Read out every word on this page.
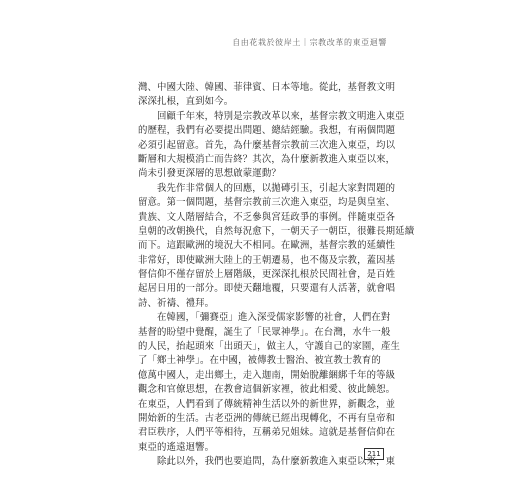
自由花栽於彼岸土｜宗教改革的東亞迴響
灣、中國大陸、韓國、菲律賓、日本等地。從此，基督教文明
深深扎根，直到如今。
回顧千年來，特別是宗教改革以來，基督宗教文明進入東亞
的歷程，我們有必要提出問題、總結經驗。我想，有兩個問題
必須引起留意。首先，為什麼基督宗教前三次進入東亞，均以
斷層和大規模消亡而告終？其次，為什麼新教進入東亞以來，
尚未引發更深層的思想啟蒙運動？
我先作非常個人的回應，以拋磚引玉，引起大家對問題的
留意。第一個問題，基督宗教前三次進入東亞，均是與皇室、
貴族、文人階層結合，不乏參與宮廷政爭的事例。伴隨東亞各
皇朝的改朝換代，自然每況愈下，一朝天子一朝臣，很難長期延續
而下。這跟歐洲的境況大不相同。在歐洲，基督宗教的延續性
非常好，即使歐洲大陸上的王朝遷易，也不傷及宗教，蓋因基
督信仰不僅存留於上層階級，更深深扎根於民間社會，是百姓
起居日用的一部分。即使天翻地覆，只要還有人活著，就會唱
詩、祈禱、禮拜。
在韓國，「彌賽亞」進入深受儒家影響的社會，人們在對
基督的盼望中覺醒，誕生了「民眾神學」。在台灣，水牛一般
的人民，抬起頭來「出頭天」，做主人，守護自己的家園，產生
了「鄉土神學」。在中國，被傳教士醫治、被宣教士教育的
億萬中國人，走出鄉土，走入迦南，開始脫離綑綁千年的等級
觀念和官僚思想，在教會這個新家裡，彼此相愛、彼此饒恕。
在東亞，人們看到了傳統精神生活以外的新世界，新觀念，並
開始新的生活。古老亞洲的傳統已經出現轉化，不再有皇帝和
君臣秩序，人們平等相待，互稱弟兄姐妹。這就是基督信仰在
東亞的遙遠迴響。
除此以外，我們也要追問，為什麼新教進入東亞以來，東
211
